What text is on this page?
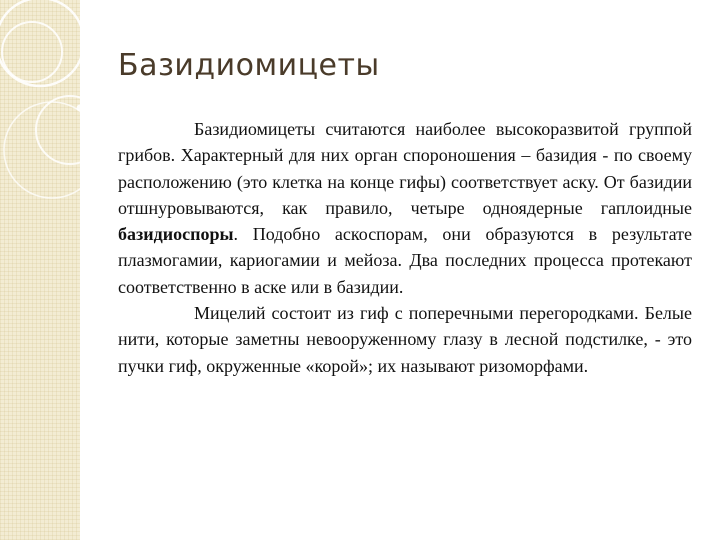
Базидиомицеты

Базидиомицеты считаются наиболее высокоразвитой группой грибов. Характерный для них орган спороношения – базидия - по своему расположению (это клетка на конце гифы) соответствует аску. От базидии отшнуровываются, как правило, четыре одноядерные гаплоидные базидиоспоры. Подобно аскоспорам, они образуются в результате плазмогамии, кариогамии и мейоза. Два последних процесса протекают соответственно в аске или в базидии.

Мицелий состоит из гиф с поперечными перегородками. Белые нити, которые заметны невооруженному глазу в лесной подстилке, - это пучки гиф, окруженные «корой»; их называют ризоморфами.
